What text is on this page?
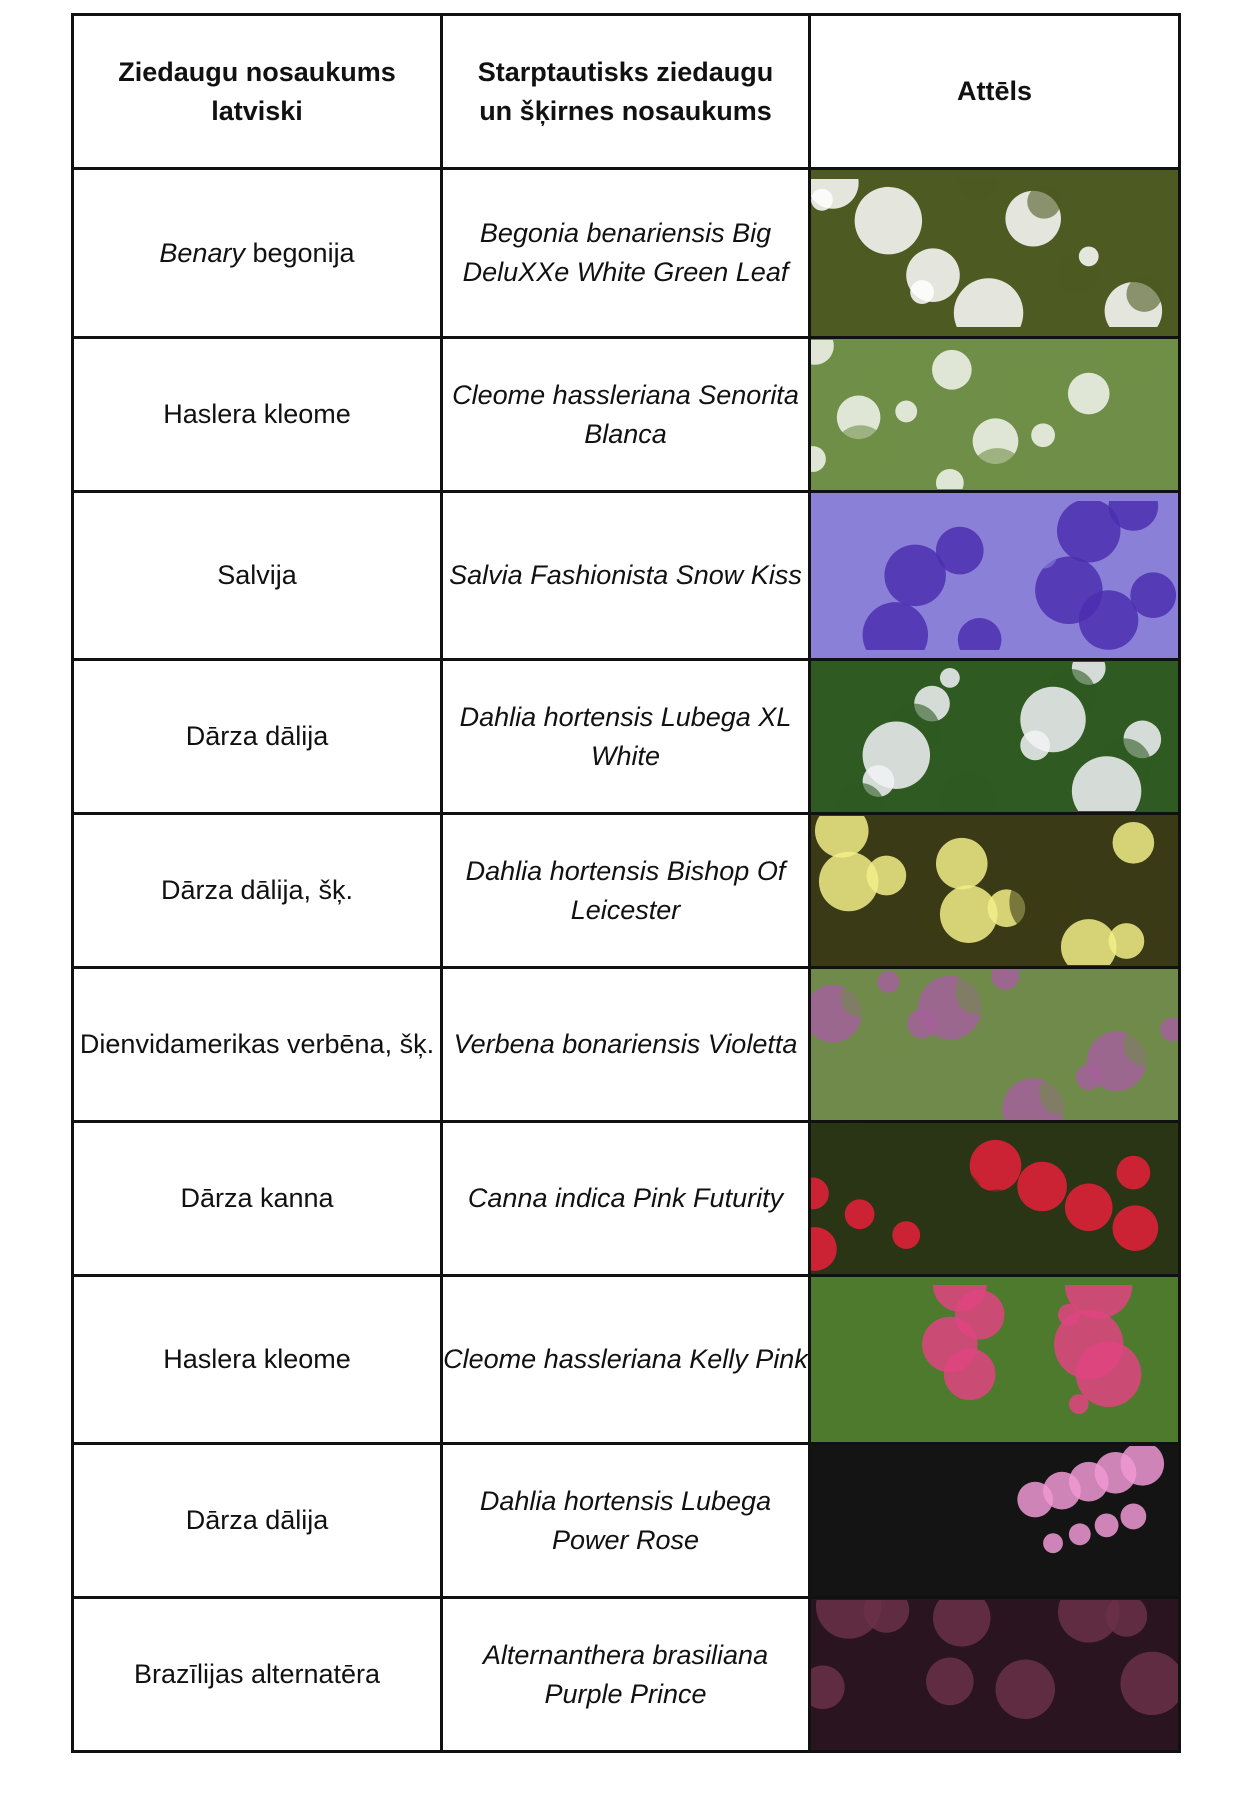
Ziedaugu nosaukums latviski	Starptautisks ziedaugu un šķirnes nosaukums	Attēls
Benary begonija	Begonia benariensis Big DeluXXe White Green Leaf	

Haslera kleome	Cleome hassleriana Senorita Blanca	

Salvija	Salvia Fashionista Snow Kiss	

Dārza dālija	Dahlia hortensis Lubega XL White	

Dārza dālija, šķ.	Dahlia hortensis Bishop Of Leicester	

Dienvidamerikas verbēna, šķ.	Verbena bonariensis Violetta	

Dārza kanna	Canna indica Pink Futurity	

Haslera kleome	Cleome hassleriana Kelly Pink	

Dārza dālija	Dahlia hortensis Lubega Power Rose	

Brazīlijas alternatēra	Alternanthera brasiliana Purple Prince	
